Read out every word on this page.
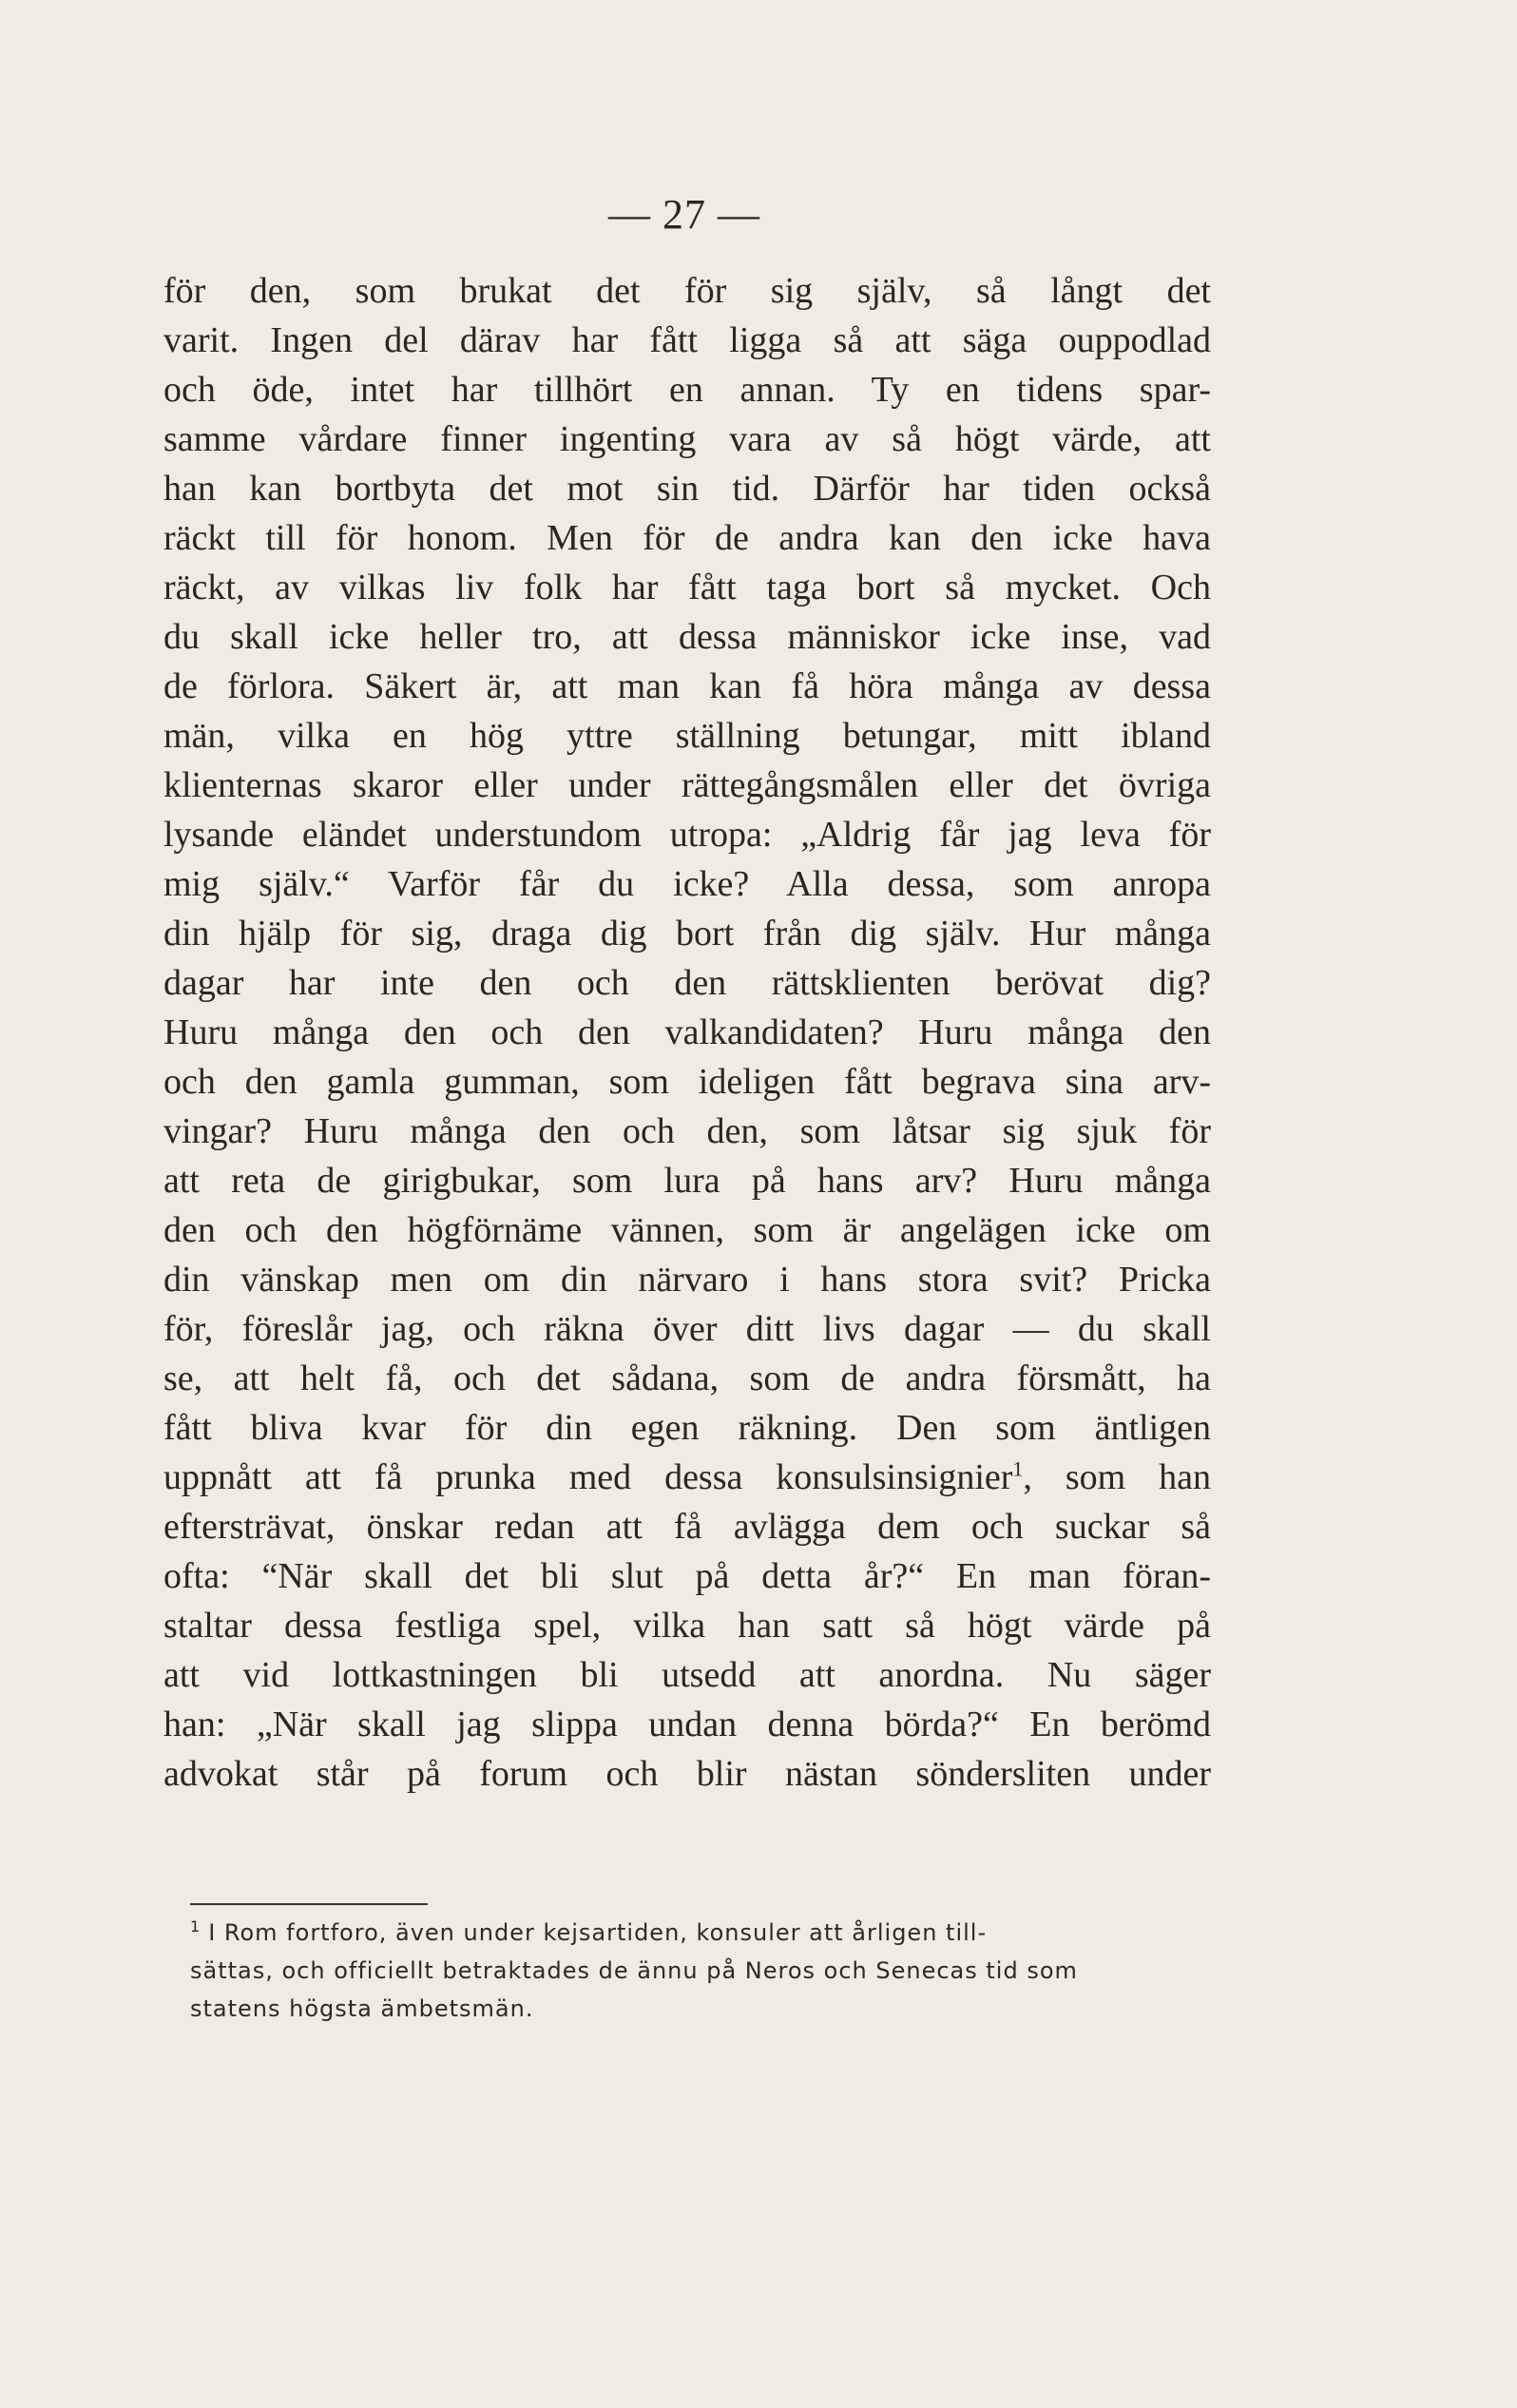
— 27 —
för den, som brukat det för sig själv, så långt det
varit. Ingen del därav har fått ligga så att säga ouppodlad
och öde, intet har tillhört en annan. Ty en tidens spar-
samme vårdare finner ingenting vara av så högt värde, att
han kan bortbyta det mot sin tid. Därför har tiden också
räckt till för honom. Men för de andra kan den icke hava
räckt, av vilkas liv folk har fått taga bort så mycket. Och
du skall icke heller tro, att dessa människor icke inse, vad
de förlora. Säkert är, att man kan få höra många av dessa
män, vilka en hög yttre ställning betungar, mitt ibland
klienternas skaror eller under rättegångsmålen eller det övriga
lysande eländet understundom utropa: „Aldrig får jag leva för
mig själv.“ Varför får du icke? Alla dessa, som anropa
din hjälp för sig, draga dig bort från dig själv. Hur många
dagar har inte den och den rättsklienten berövat dig?
Huru många den och den valkandidaten? Huru många den
och den gamla gumman, som ideligen fått begrava sina arv-
vingar? Huru många den och den, som låtsar sig sjuk för
att reta de girigbukar, som lura på hans arv? Huru många
den och den högförnäme vännen, som är angelägen icke om
din vänskap men om din närvaro i hans stora svit? Pricka
för, föreslår jag, och räkna över ditt livs dagar — du skall
se, att helt få, och det sådana, som de andra försmått, ha
fått bliva kvar för din egen räkning. Den som äntligen
uppnått att få prunka med dessa konsulsinsignier$^1$, som han
eftersträvat, önskar redan att få avlägga dem och suckar så
ofta: “När skall det bli slut på detta år?“ En man föran-
staltar dessa festliga spel, vilka han satt så högt värde på
att vid lottkastningen bli utsedd att anordna. Nu säger
han: „När skall jag slippa undan denna börda?“ En berömd
advokat står på forum och blir nästan söndersliten under
$^1$ I Rom fortforo, även under kejsartiden, konsuler att årligen till-
sättas, och officiellt betraktades de ännu på Neros och Senecas tid som
statens högsta ämbetsmän.
